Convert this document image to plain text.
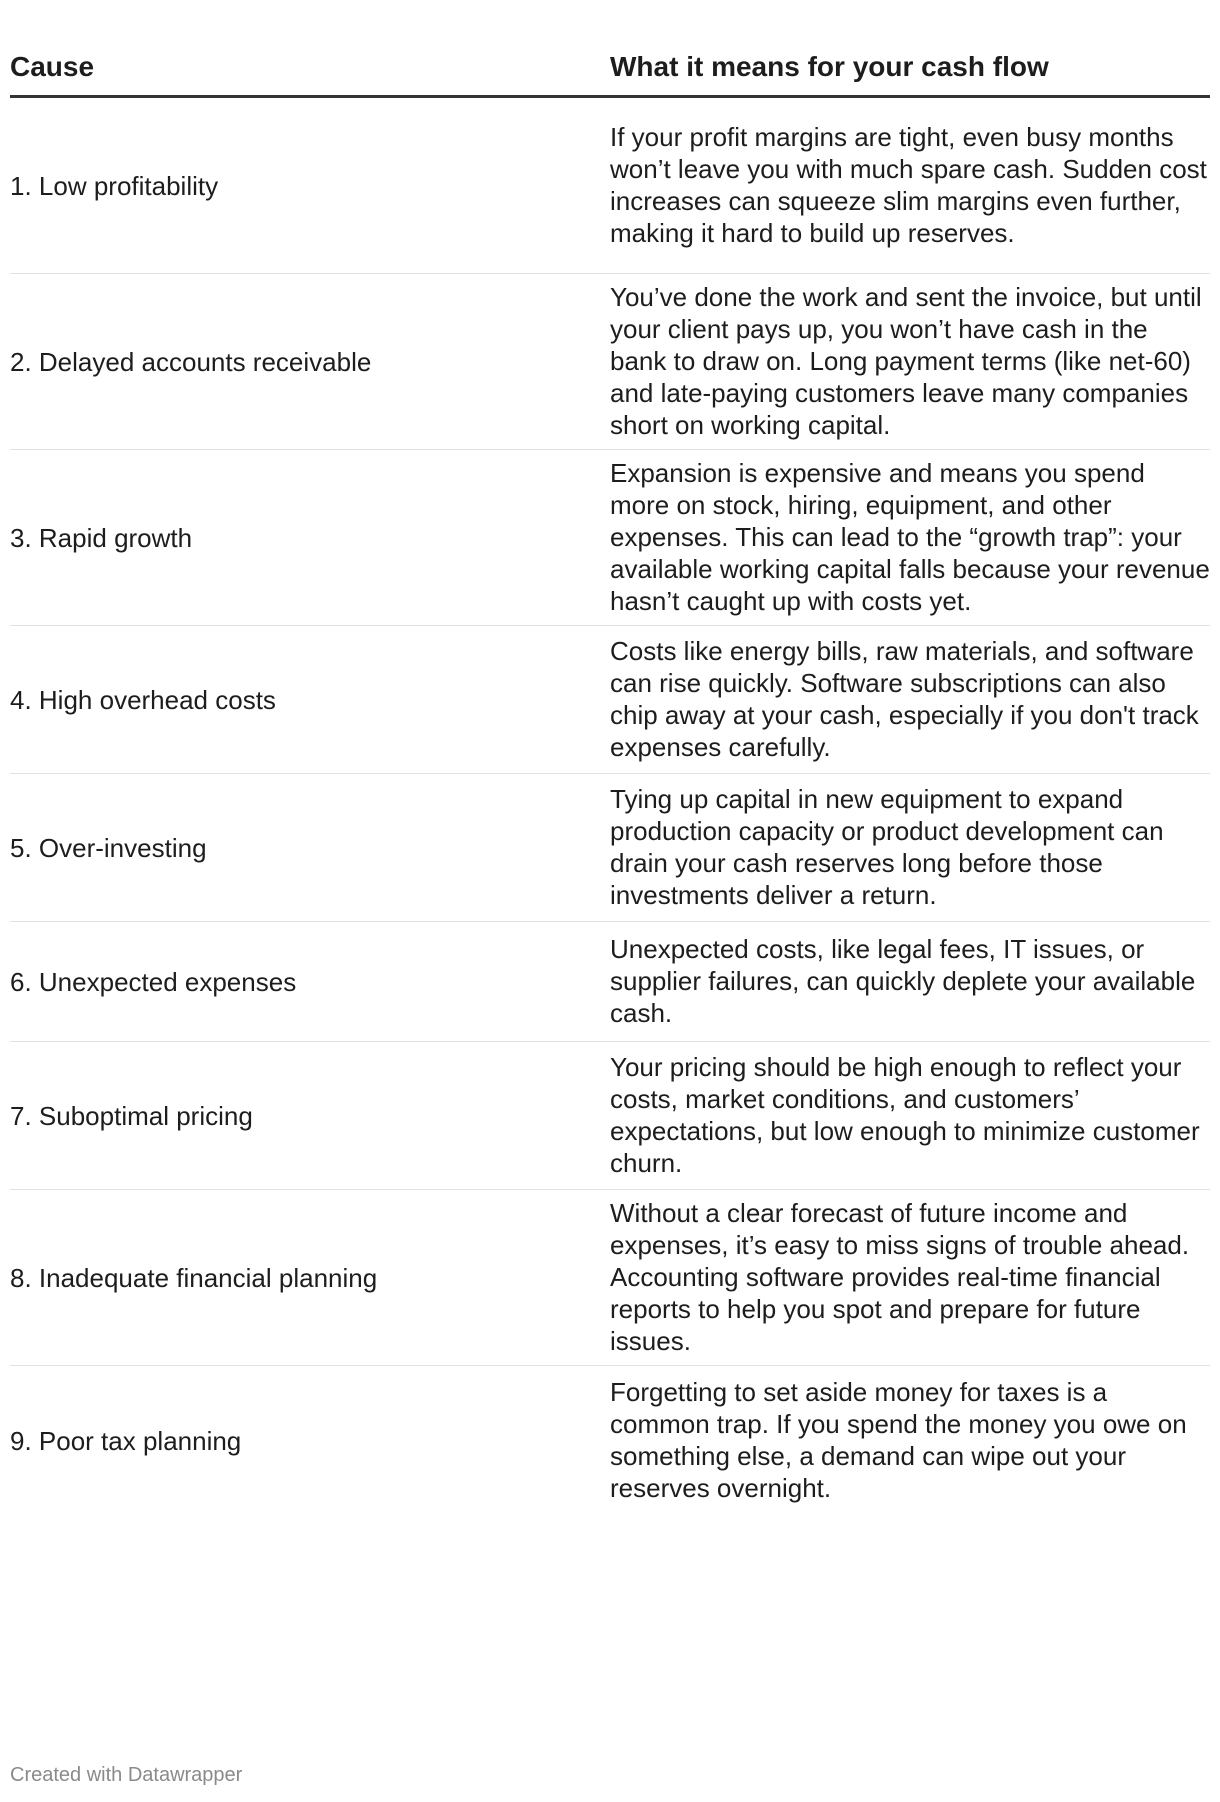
Cause	What it means for your cash flow
1. Low profitability
If your profit margins are tight, even busy months won’t leave you with much spare cash. Sudden cost increases can squeeze slim margins even further, making it hard to build up reserves.
2. Delayed accounts receivable
You’ve done the work and sent the invoice, but until your client pays up, you won’t have cash in the bank to draw on. Long payment terms (like net-60) and late-paying customers leave many companies short on working capital.
3. Rapid growth
Expansion is expensive and means you spend more on stock, hiring, equipment, and other expenses. This can lead to the “growth trap”: your available working capital falls because your revenue hasn’t caught up with costs yet.
4. High overhead costs
Costs like energy bills, raw materials, and software can rise quickly. Software subscriptions can also chip away at your cash, especially if you don't track expenses carefully.
5. Over-investing
Tying up capital in new equipment to expand production capacity or product development can drain your cash reserves long before those investments deliver a return.
6. Unexpected expenses
Unexpected costs, like legal fees, IT issues, or supplier failures, can quickly deplete your available cash.
7. Suboptimal pricing
Your pricing should be high enough to reflect your costs, market conditions, and customers’ expectations, but low enough to minimize customer churn.
8. Inadequate financial planning
Without a clear forecast of future income and expenses, it’s easy to miss signs of trouble ahead. Accounting software provides real-time financial reports to help you spot and prepare for future issues.
9. Poor tax planning
Forgetting to set aside money for taxes is a common trap. If you spend the money you owe on something else, a demand can wipe out your reserves overnight.
Created with Datawrapper
